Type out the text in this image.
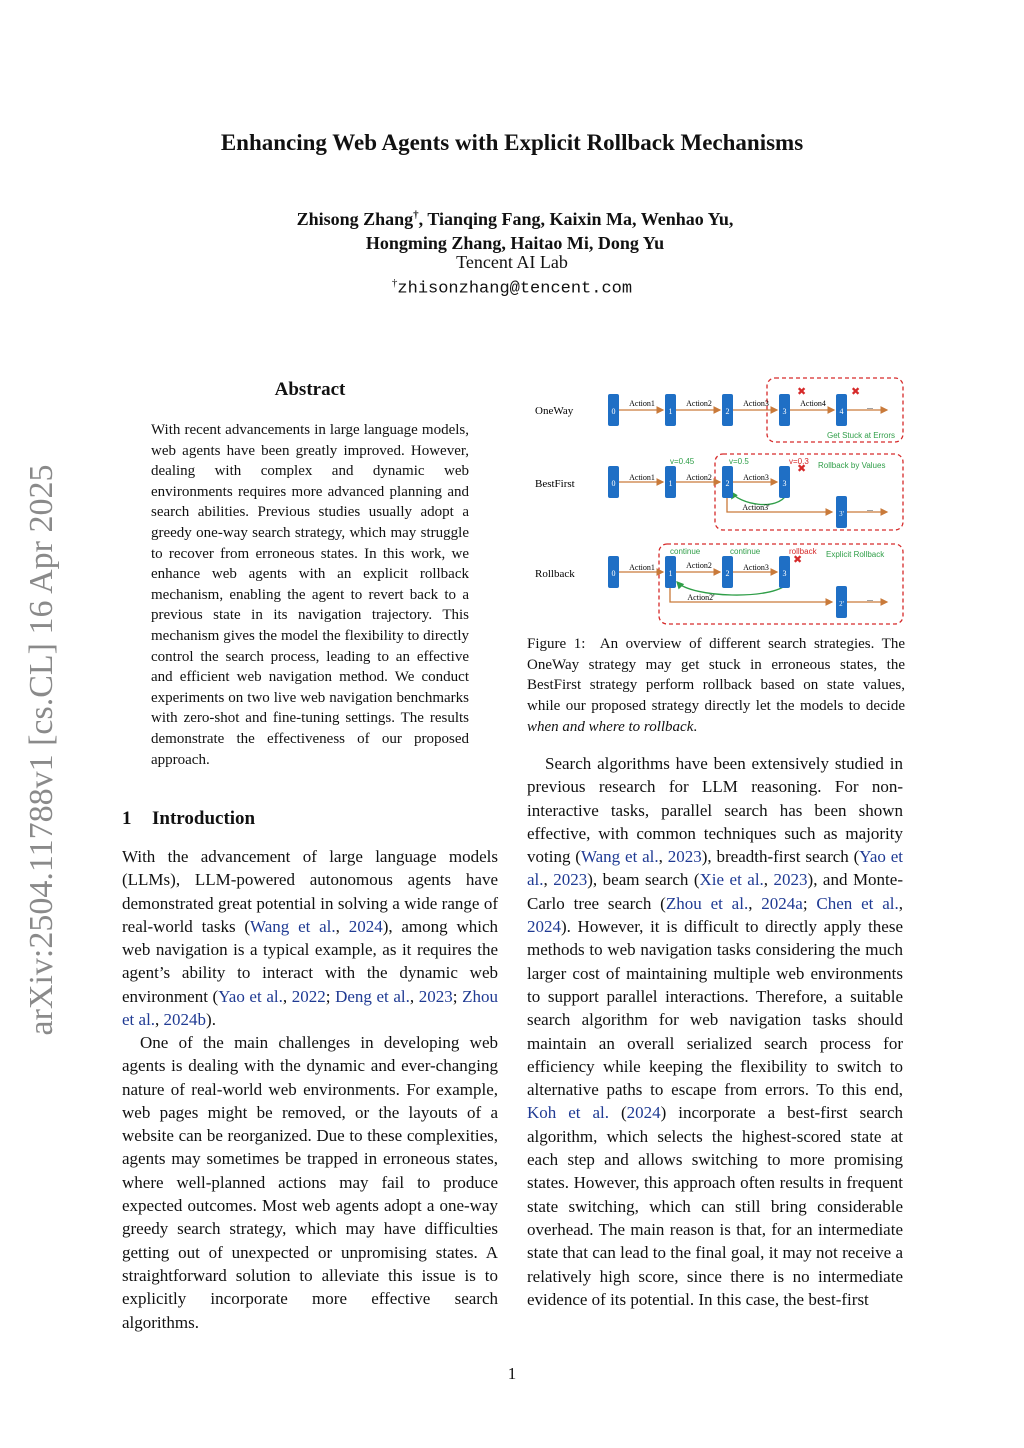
arXiv:2504.11788v1 [cs.CL] 16 Apr 2025
Enhancing Web Agents with Explicit Rollback Mechanisms
Zhisong Zhang†, Tianqing Fang, Kaixin Ma, Wenhao Yu,
Hongming Zhang, Haitao Mi, Dong Yu
Tencent AI Lab
†zhisonzhang@tencent.com
Abstract
With recent advancements in large language models, web agents have been greatly improved. However, dealing with complex and dynamic web environments requires more advanced planning and search abilities. Previous studies usually adopt a greedy one-way search strategy, which may struggle to recover from erroneous states. In this work, we enhance web agents with an explicit rollback mechanism, enabling the agent to revert back to a previous state in its navigation trajectory. This mechanism gives the model the flexibility to directly control the search process, leading to an effective and efficient web navigation method. We conduct experiments on two live web navigation benchmarks with zero-shot and fine-tuning settings. The results demonstrate the effectiveness of our proposed approach.
1 Introduction

With the advancement of large language models (LLMs), LLM-powered autonomous agents have demonstrated great potential in solving a wide range of real-world tasks (Wang et al., 2024), among which web navigation is a typical example, as it requires the agent’s ability to interact with the dynamic web environment (Yao et al., 2022; Deng et al., 2023; Zhou et al., 2024b).

One of the main challenges in developing web agents is dealing with the dynamic and ever-changing nature of real-world web environments. For example, web pages might be removed, or the layouts of a website can be reorganized. Due to these complexities, agents may sometimes be trapped in erroneous states, where well-planned actions may fail to produce expected outcomes. Most web agents adopt a one-way greedy search strategy, which may have difficulties getting out of unexpected or unpromising states. A straightforward solution to alleviate this issue is to explicitly incorporate more effective search algorithms.

OneWay
BestFirst
Rollback
0	1	2	3	4
Action1	Action2	Action3	Action4	...
✖	✖
Get Stuck at Errors
0	1	2	3
3'
Action1	Action2	Action3
Action3'	...
v=0.45	v=0.5	v=0.3
✖ Rollback by Values
0	1	2	3
2'
Action1	Action2	Action3
Action2'	...
continue	continue	rollback
✖	Explicit Rollback

Figure 1: An overview of different search strategies. The OneWay strategy may get stuck in erroneous states, the BestFirst strategy perform rollback based on state values, while our proposed strategy directly let the models to decide when and where to rollback.

Search algorithms have been extensively studied in previous research for LLM reasoning. For non-interactive tasks, parallel search has been shown effective, with common techniques such as majority voting (Wang et al., 2023), breadth-first search (Yao et al., 2023), beam search (Xie et al., 2023), and Monte-Carlo tree search (Zhou et al., 2024a; Chen et al., 2024). However, it is difficult to directly apply these methods to web navigation tasks considering the much larger cost of maintaining multiple web environments to support parallel interactions. Therefore, a suitable search algorithm for web navigation tasks should maintain an overall serialized search process for efficiency while keeping the flexibility to switch to alternative paths to escape from errors. To this end, Koh et al. (2024) incorporate a best-first search algorithm, which selects the highest-scored state at each step and allows switching to more promising states. However, this approach often results in frequent state switching, which can still bring considerable overhead. The main reason is that, for an intermediate state that can lead to the final goal, it may not receive a relatively high score, since there is no intermediate evidence of its potential. In this case, the best-first

1
